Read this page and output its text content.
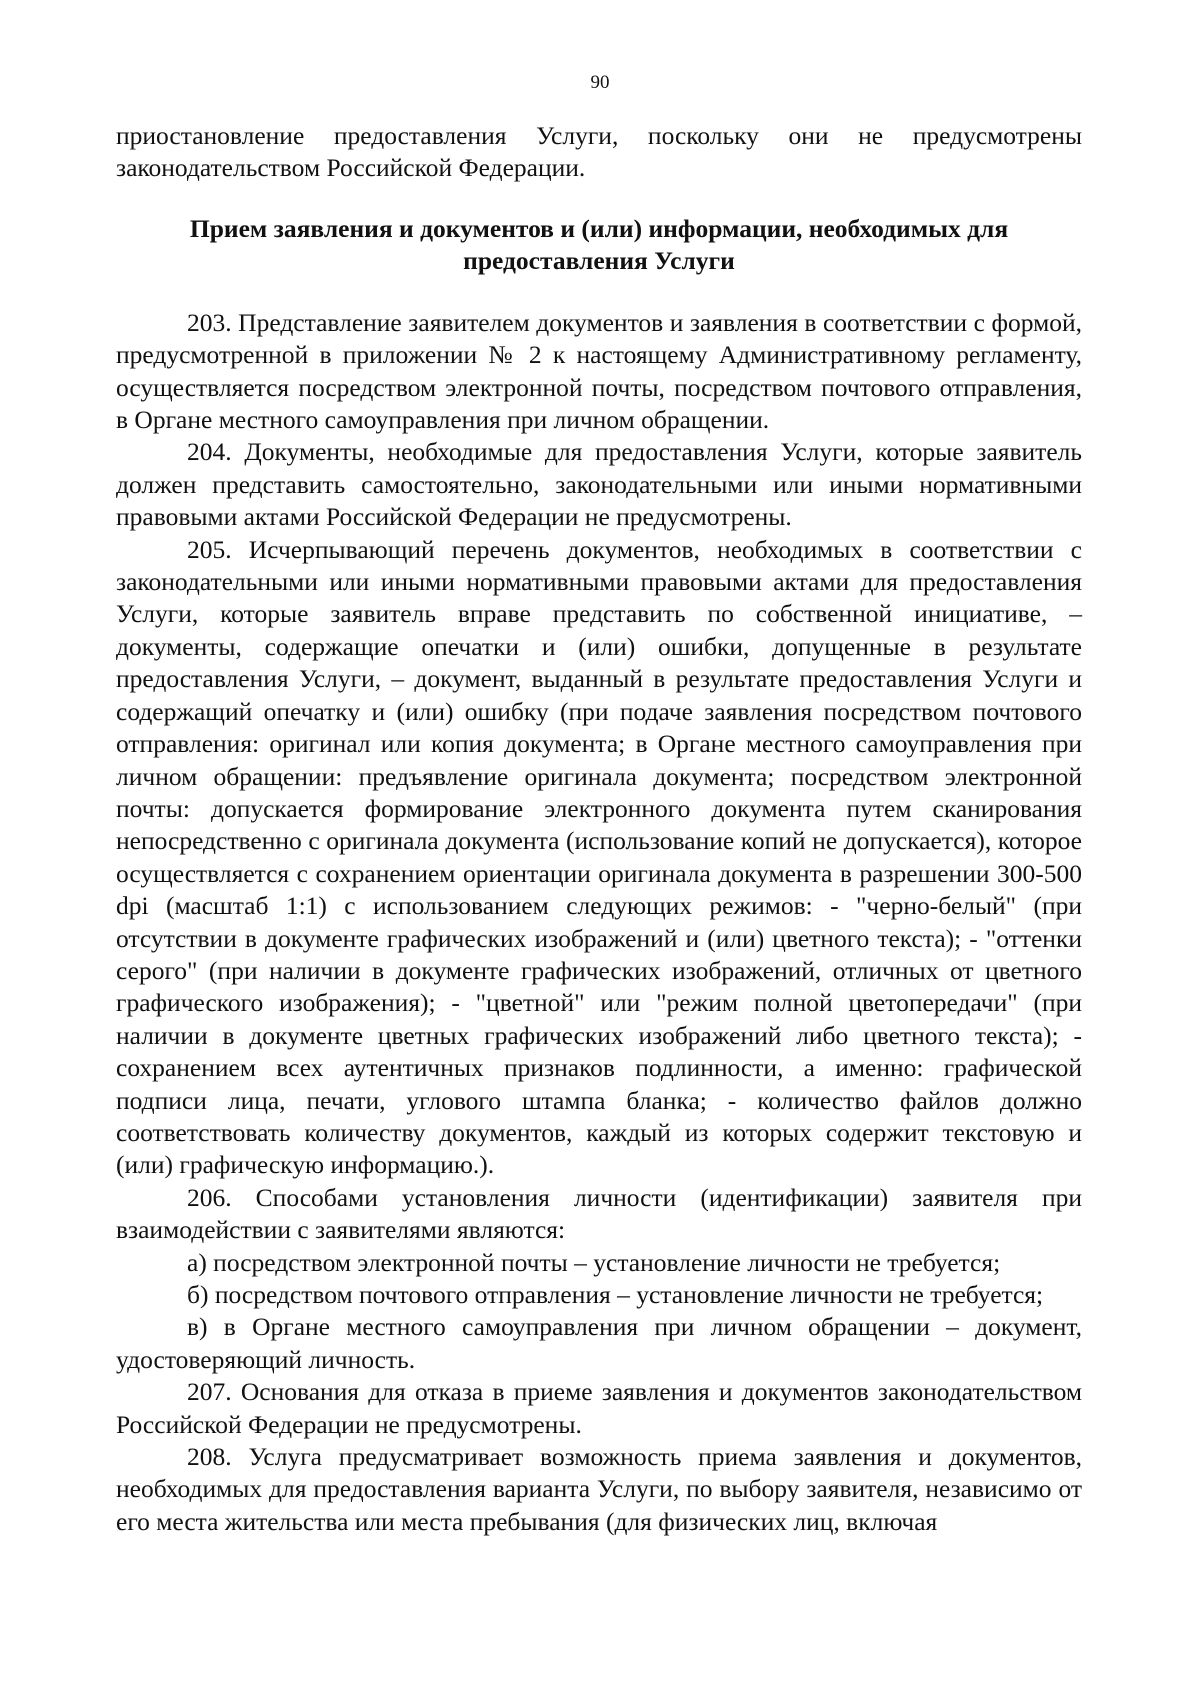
90

приостановление предоставления Услуги, поскольку они не предусмотрены законодательством Российской Федерации.

Прием заявления и документов и (или) информации, необходимых для предоставления Услуги

203. Представление заявителем документов и заявления в соответствии с формой, предусмотренной в приложении № 2 к настоящему Административному регламенту, осуществляется посредством электронной почты, посредством почтового отправления, в Органе местного самоуправления при личном обращении.

204. Документы, необходимые для предоставления Услуги, которые заявитель должен представить самостоятельно, законодательными или иными нормативными правовыми актами Российской Федерации не предусмотрены.

205. Исчерпывающий перечень документов, необходимых в соответствии с законодательными или иными нормативными правовыми актами для предоставления Услуги, которые заявитель вправе представить по собственной инициативе, – документы, содержащие опечатки и (или) ошибки, допущенные в результате предоставления Услуги, – документ, выданный в результате предоставления Услуги и содержащий опечатку и (или) ошибку (при подаче заявления посредством почтового отправления: оригинал или копия документа; в Органе местного самоуправления при личном обращении: предъявление оригинала документа; посредством электронной почты: допускается формирование электронного документа путем сканирования непосредственно с оригинала документа (использование копий не допускается), которое осуществляется с сохранением ориентации оригинала документа в разрешении 300-500 dpi (масштаб 1:1) с использованием следующих режимов: - "черно-белый" (при отсутствии в документе графических изображений и (или) цветного текста); - "оттенки серого" (при наличии в документе графических изображений, отличных от цветного графического изображения); - "цветной" или "режим полной цветопередачи" (при наличии в документе цветных графических изображений либо цветного текста); - сохранением всех аутентичных признаков подлинности, а именно: графической подписи лица, печати, углового штампа бланка; - количество файлов должно соответствовать количеству документов, каждый из которых содержит текстовую и (или) графическую информацию.).

206. Способами установления личности (идентификации) заявителя при взаимодействии с заявителями являются:

а) посредством электронной почты – установление личности не требуется;

б) посредством почтового отправления – установление личности не требуется;

в) в Органе местного самоуправления при личном обращении – документ, удостоверяющий личность.

207. Основания для отказа в приеме заявления и документов законодательством Российской Федерации не предусмотрены.

208. Услуга предусматривает возможность приема заявления и документов, необходимых для предоставления варианта Услуги, по выбору заявителя, независимо от его места жительства или места пребывания (для физических лиц, включая
